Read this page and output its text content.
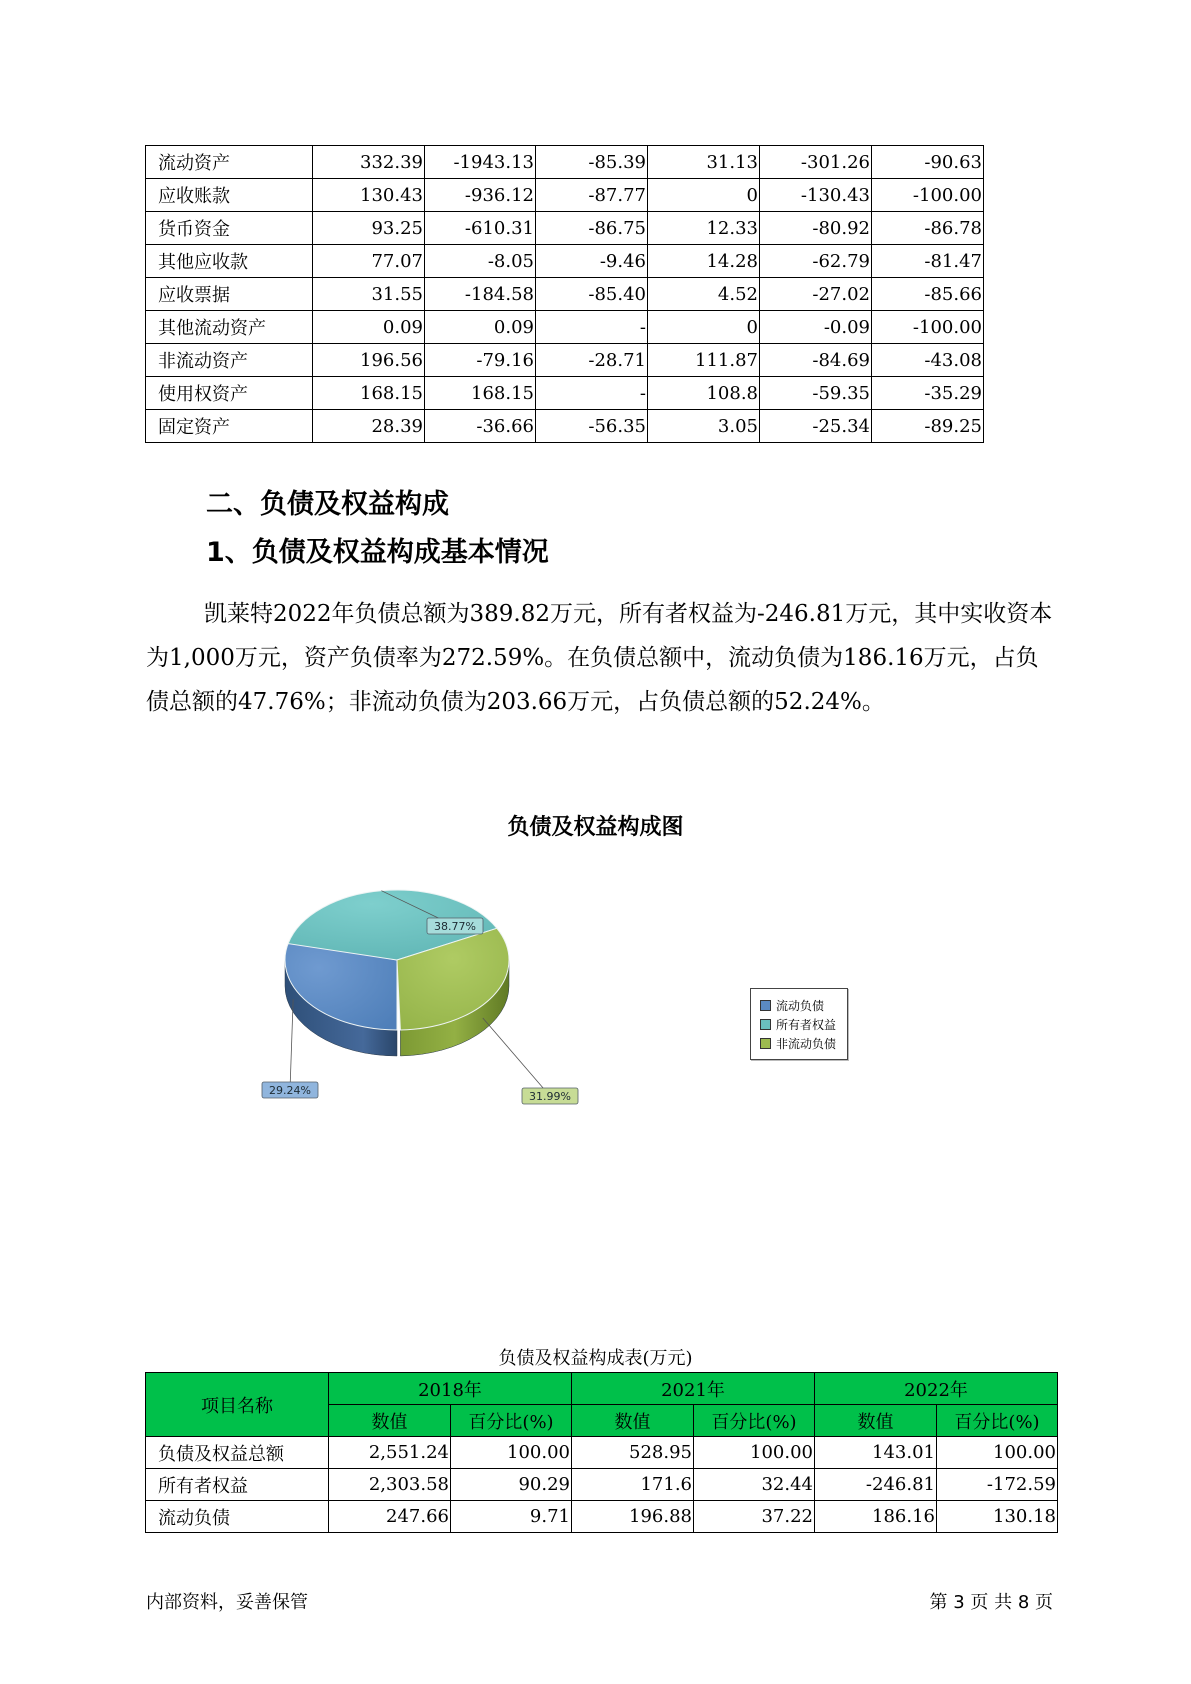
流动资产	332.39	-1943.13	-85.39	31.13	-301.26	-90.63
应收账款	130.43	-936.12	-87.77	0	-130.43	-100.00
货币资金	93.25	-610.31	-86.75	12.33	-80.92	-86.78
其他应收款	77.07	-8.05	-9.46	14.28	-62.79	-81.47
应收票据	31.55	-184.58	-85.40	4.52	-27.02	-85.66
其他流动资产	0.09	0.09	-	0	-0.09	-100.00
非流动资产	196.56	-79.16	-28.71	111.87	-84.69	-43.08
使用权资产	168.15	168.15	-	108.8	-59.35	-35.29
固定资产	28.39	-36.66	-56.35	3.05	-25.34	-89.25
二、负债及权益构成
1、负债及权益构成基本情况

凯莱特2022年负债总额为389.82万元，所有者权益为-246.81万元，其中实收资本为1,000万元，资产负债率为272.59%。在负债总额中，流动负债为186.16万元，占负债总额的47.76%；非流动负债为203.66万元，占负债总额的52.24%。

负债及权益构成图

29.24%
38.77%
31.99%
流动负债
所有者权益
非流动负债

负债及权益构成表(万元)

项目名称	2018年		2021年		2022年	
	数值	百分比(%)	数值	百分比(%)	数值	百分比(%)
负债及权益总额	2,551.24	100.00	528.95	100.00	143.01	100.00
所有者权益	2,303.58	90.29	171.6	32.44	-246.81	-172.59
流动负债	247.66	9.71	196.88	37.22	186.16	130.18
内部资料，妥善保管	第 3 页 共 8 页
